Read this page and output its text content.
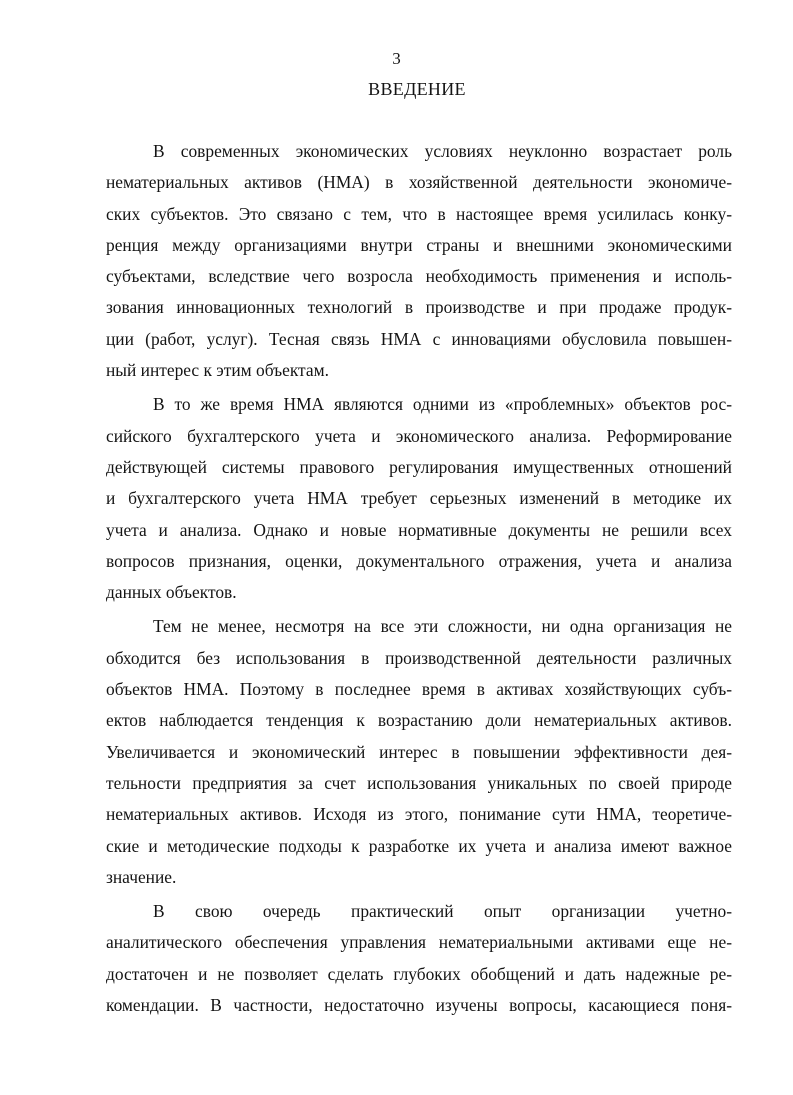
3
ВВЕДЕНИЕ

В современных экономических условиях неуклонно возрастает роль
нематериальных активов (НМА) в хозяйственной деятельности экономиче-
ских субъектов. Это связано с тем, что в настоящее время усилилась конку-
ренция между организациями внутри страны и внешними экономическими
субъектами, вследствие чего возросла необходимость применения и исполь-
зования инновационных технологий в производстве и при продаже продук-
ции (работ, услуг). Тесная связь НМА с инновациями обусловила повышен-
ный интерес к этим объектам.

В то же время НМА являются одними из «проблемных» объектов рос-
сийского бухгалтерского учета и экономического анализа. Реформирование
действующей системы правового регулирования имущественных отношений
и бухгалтерского учета НМА требует серьезных изменений в методике их
учета и анализа. Однако и новые нормативные документы не решили всех
вопросов признания, оценки, документального отражения, учета и анализа
данных объектов.

Тем не менее, несмотря на все эти сложности, ни одна организация не
обходится без использования в производственной деятельности различных
объектов НМА. Поэтому в последнее время в активах хозяйствующих субъ-
ектов наблюдается тенденция к возрастанию доли нематериальных активов.
Увеличивается и экономический интерес в повышении эффективности дея-
тельности предприятия за счет использования уникальных по своей природе
нематериальных активов. Исходя из этого, понимание сути НМА, теоретиче-
ские и методические подходы к разработке их учета и анализа имеют важное
значение.

В свою очередь практический опыт организации учетно-
аналитического обеспечения управления нематериальными активами еще не-
достаточен и не позволяет сделать глубоких обобщений и дать надежные ре-
комендации. В частности, недостаточно изучены вопросы, касающиеся поня-
